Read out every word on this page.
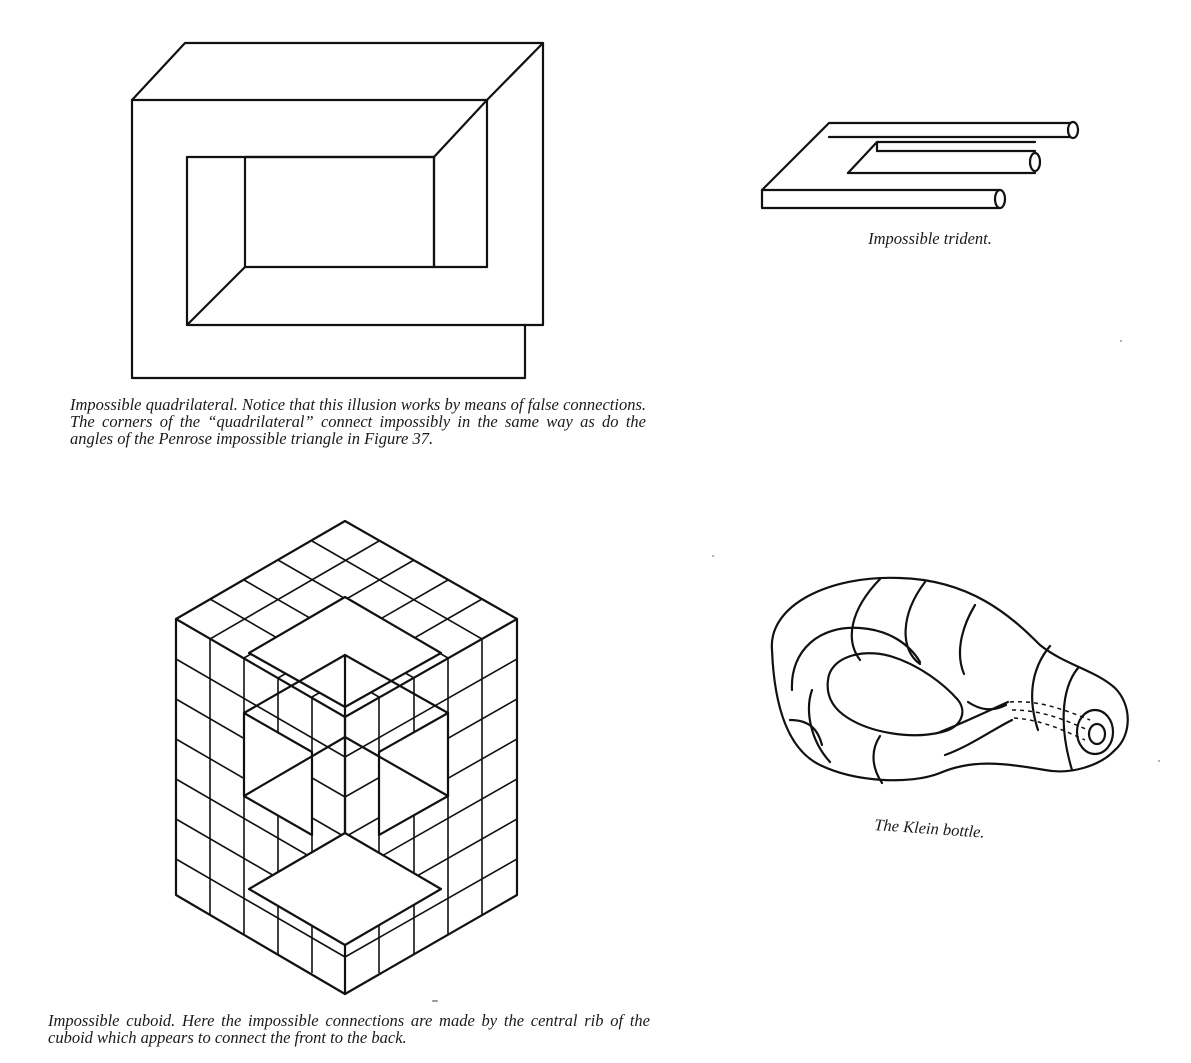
Impossible quadrilateral. Notice that this illusion works by means of false connections. The corners of the “quadrilateral” connect impossibly in the same way as do the angles of the Penrose impossible triangle in Figure 37.

Impossible trident.

Impossible cuboid. Here the impossible connections are made by the central rib of the cuboid which appears to connect the front to the back.

The Klein bottle.
